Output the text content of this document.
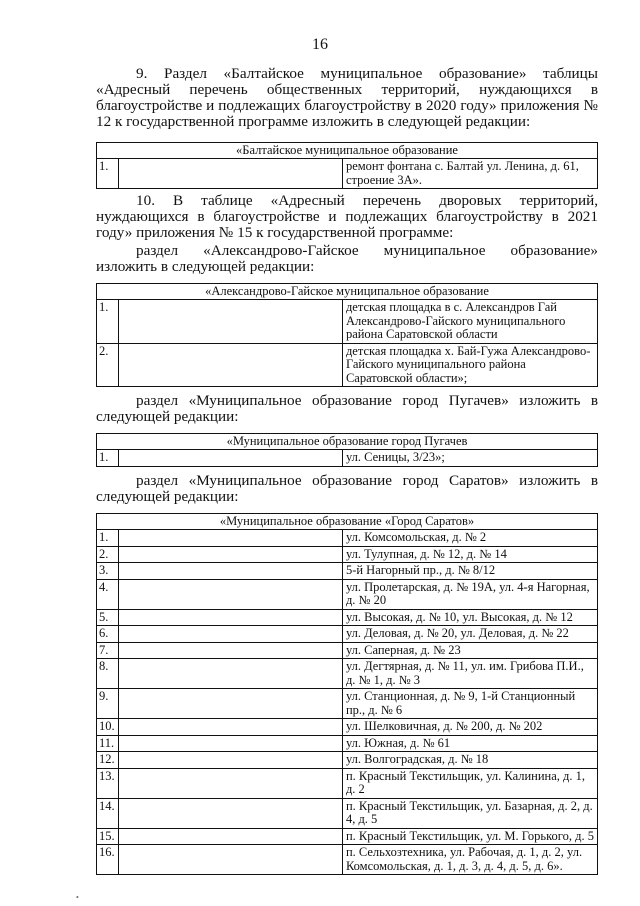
16
9. Раздел «Балтайское муниципальное образование» таблицы «Адресный перечень общественных территорий, нуждающихся в благоустройстве и подлежащих благоустройству в 2020 году» приложения № 12 к государственной программе изложить в следующей редакции:
«Балтайское муниципальное образование
1.		ремонт фонтана с. Балтай ул. Ленина, д. 61, строение 3А».
10. В таблице «Адресный перечень дворовых территорий, нуждающихся в благоустройстве и подлежащих благоустройству в 2021 году» приложения № 15 к государственной программе:
раздел «Александрово-Гайское муниципальное образование» изложить в следующей редакции:
«Александрово-Гайское муниципальное образование
1.		детская площадка в с. Александров Гай Александрово-Гайского муниципального района Саратовской области
2.		детская площадка х. Бай-Гужа Александрово-Гайского муниципального района Саратовской области»;
раздел «Муниципальное образование город Пугачев» изложить в следующей редакции:
«Муниципальное образование город Пугачев
1.		ул. Сеницы, 3/23»;
раздел «Муниципальное образование город Саратов» изложить в следующей редакции:
«Муниципальное образование «Город Саратов»
1.		ул. Комсомольская, д. № 2
2.		ул. Тулупная, д. № 12, д. № 14
3.		5-й Нагорный пр., д. № 8/12
4.		ул. Пролетарская, д. № 19А, ул. 4-я Нагорная, д. № 20
5.		ул. Высокая, д. № 10, ул. Высокая, д. № 12
6.		ул. Деловая, д. № 20, ул. Деловая, д. № 22
7.		ул. Саперная, д. № 23
8.		ул. Дегтярная, д. № 11, ул. им. Грибова П.И., д. № 1, д. № 3
9.		ул. Станционная, д. № 9, 1-й Станционный пр., д. № 6
10.		ул. Шелковичная, д. № 200, д. № 202
11.		ул. Южная, д. № 61
12.		ул. Волгоградская, д. № 18
13.		п. Красный Текстильщик, ул. Калинина, д. 1, д. 2
14.		п. Красный Текстильщик, ул. Базарная, д. 2, д. 4, д. 5
15.		п. Красный Текстильщик, ул. М. Горького, д. 5
16.		п. Сельхозтехника, ул. Рабочая, д. 1, д. 2, ул. Комсомольская, д. 1, д. 3, д. 4, д. 5, д. 6».
•
